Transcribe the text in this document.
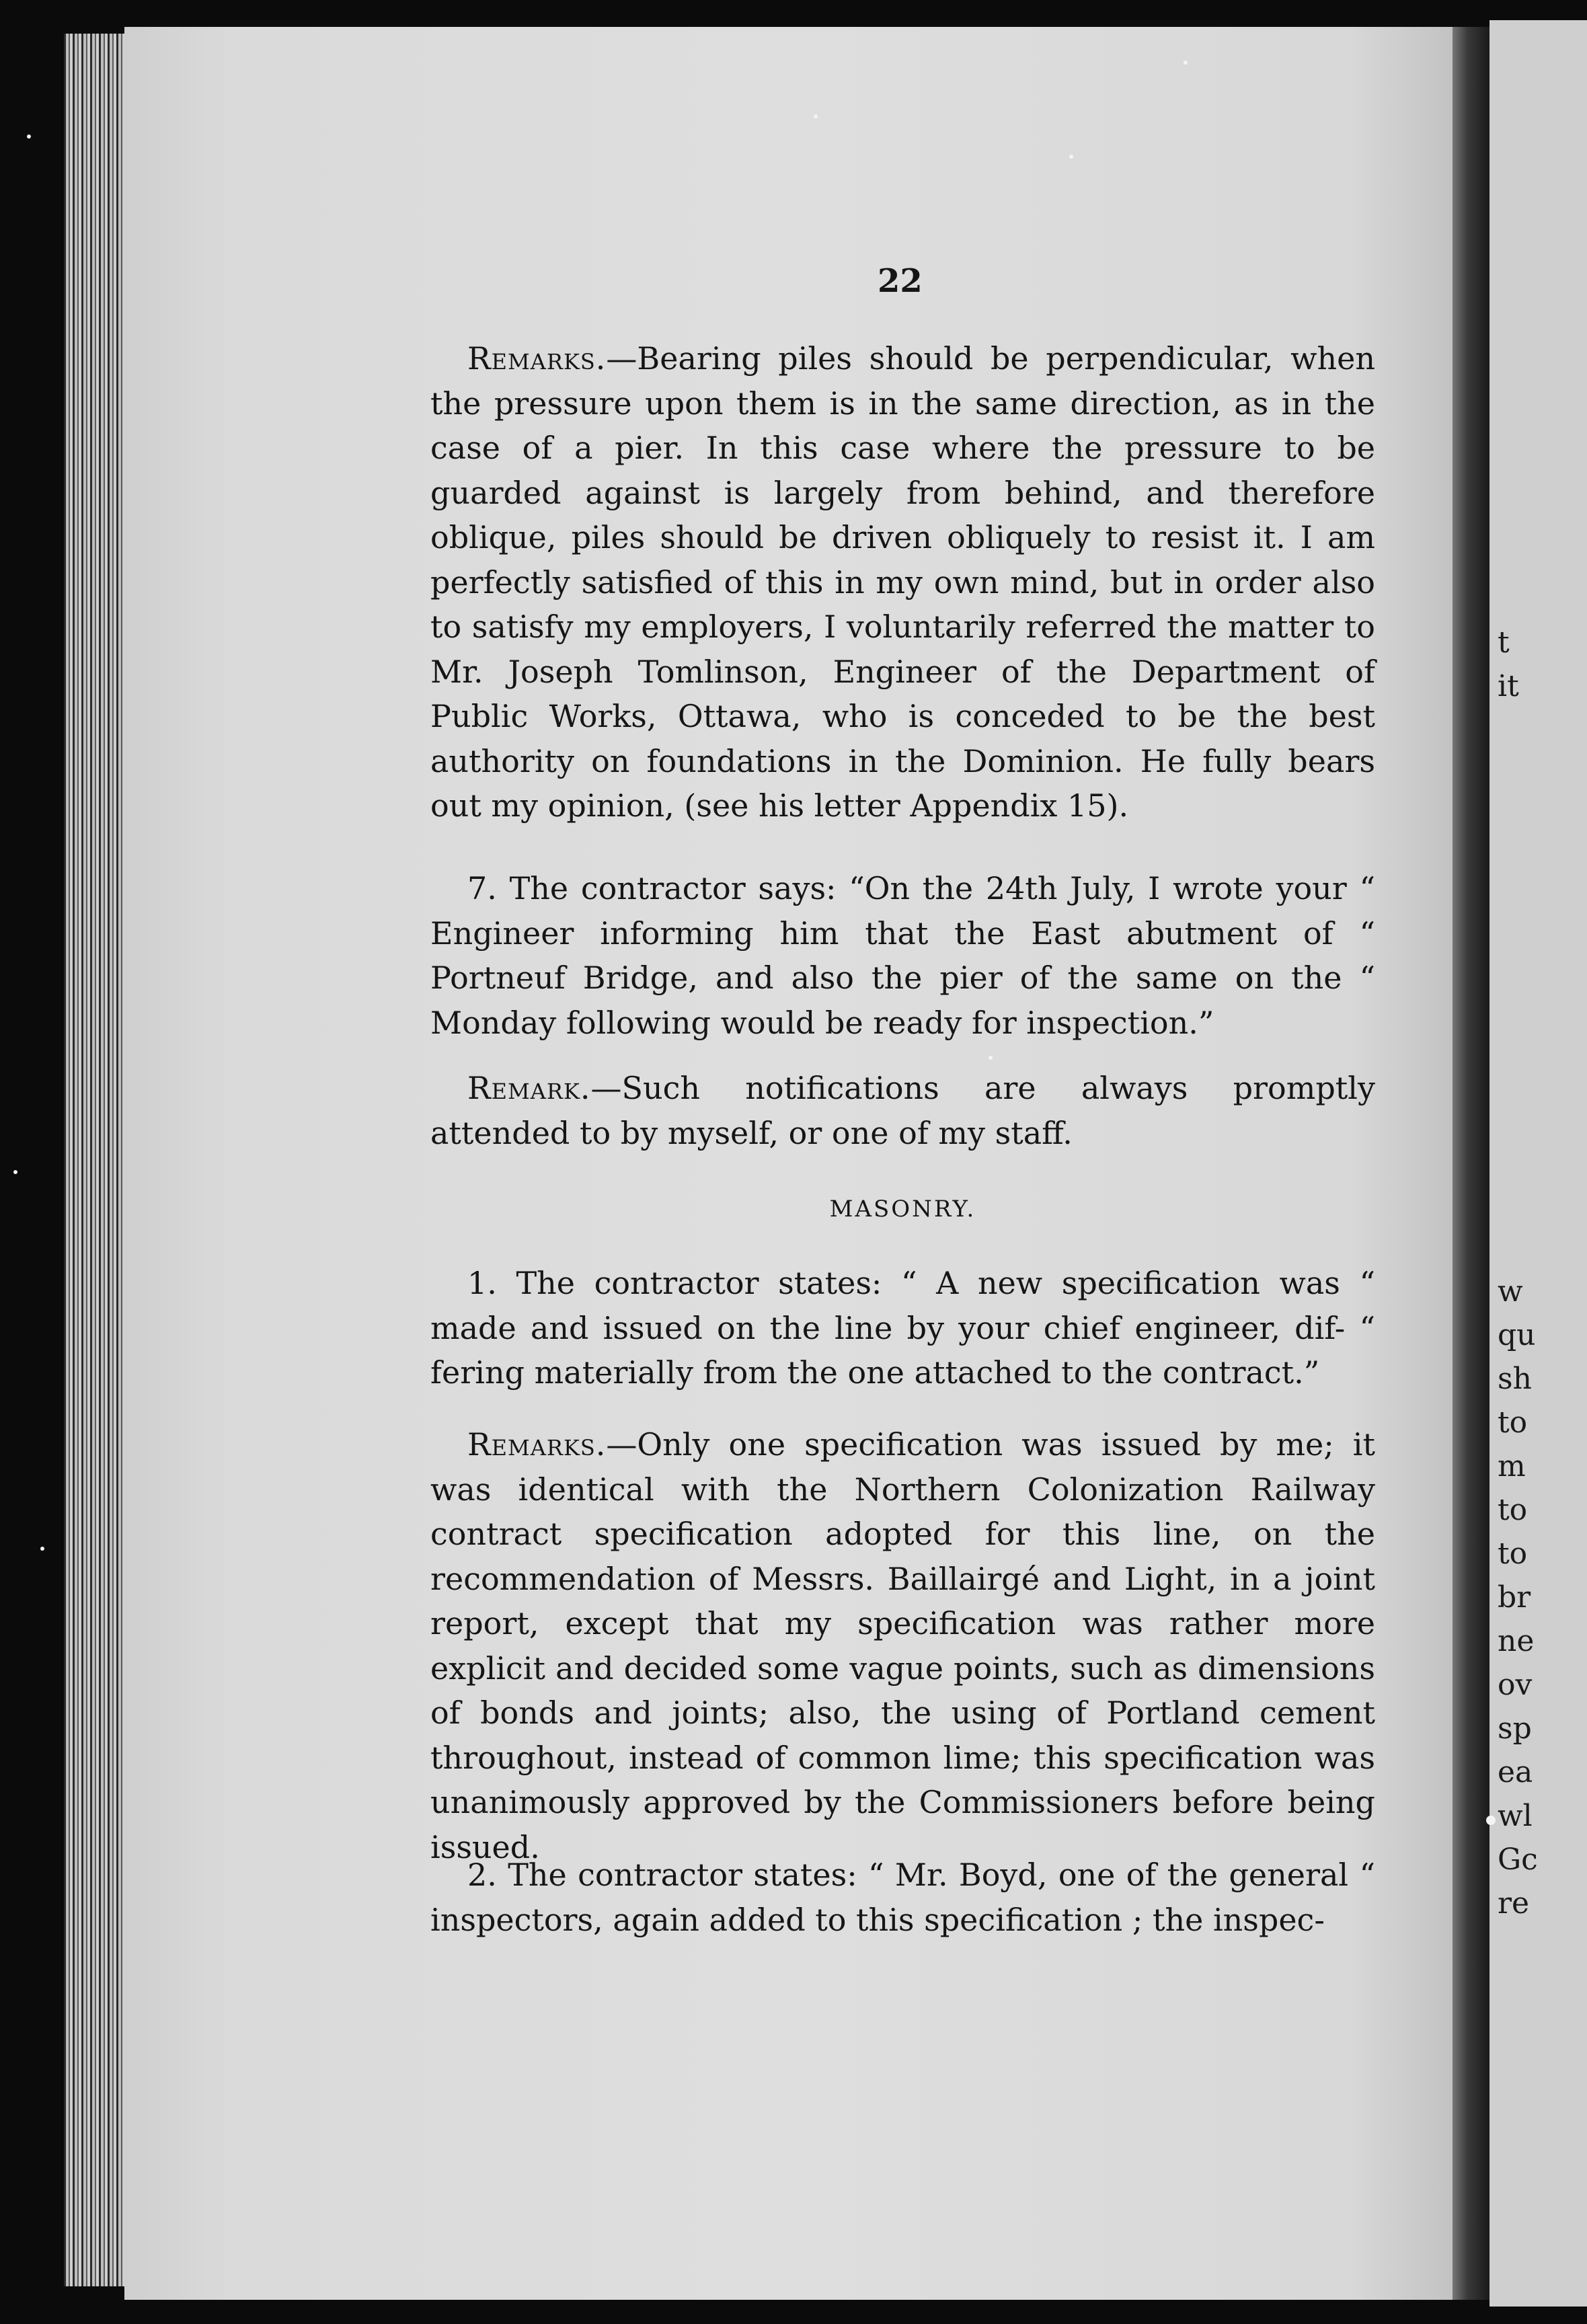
t
it
w
qu
sh
to
m
to
to
br
ne
ov
sp
ea
wl
Gc
re
22

Remarks.—Bearing piles should be perpendicular, when the pressure upon them is in the same direction, as in the case of a pier. In this case where the pressure to be guarded against is largely from behind, and therefore oblique, piles should be driven obliquely to resist it. I am perfectly satisfied of this in my own mind, but in order also to satisfy my employers, I voluntarily referred the matter to Mr. Joseph Tomlinson, Engineer of the Department of Public Works, Ottawa, who is conceded to be the best authority on foundations in the Dominion. He fully bears out my opinion, (see his letter Appendix 15).

7. The contractor says: “On the 24th July, I wrote your “ Engineer informing him that the East abutment of “ Portneuf Bridge, and also the pier of the same on the “ Monday following would be ready for inspection.”

Remark.—Such notifications are always promptly attended to by myself, or one of my staff.

MASONRY.

1. The contractor states: “ A new specification was “ made and issued on the line by your chief engineer, dif- “ fering materially from the one attached to the contract.”

Remarks.—Only one specification was issued by me; it was identical with the Northern Colonization Railway contract specification adopted for this line, on the recommendation of Messrs. Baillairgé and Light, in a joint report, except that my specification was rather more explicit and decided some vague points, such as dimensions of bonds and joints; also, the using of Portland cement throughout, instead of common lime; this specification was unanimously approved by the Commissioners before being issued.

2. The contractor states: “ Mr. Boyd, one of the general “ inspectors, again added to this specification ; the inspec-
